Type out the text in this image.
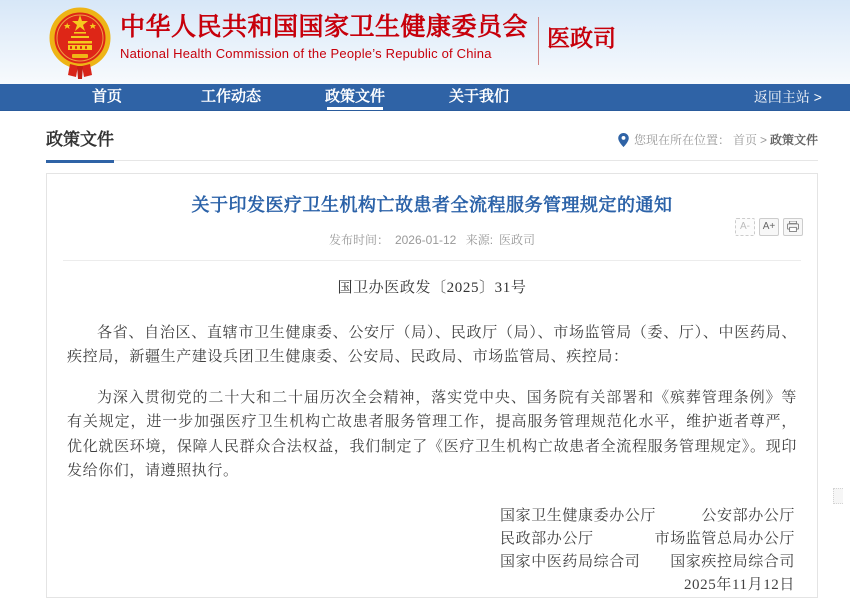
中华人民共和国国家卫生健康委员会
National Health Commission of the People’s Republic of China
医政司
首页	工作动态	政策文件	关于我们	返回主站 >
政策文件	您现在所在位置： 首页 > 政策文件
关于印发医疗卫生机构亡故患者全流程服务管理规定的通知
发布时间： 2026-01-12 来源: 医政司
A-	A+
国卫办医政发〔2025〕31号

各省、自治区、直辖市卫生健康委、公安厅（局）、民政厅（局）、市场监管局（委、厅）、中医药局、疾控局，新疆生产建设兵团卫生健康委、公安局、民政局、市场监管局、疾控局：

为深入贯彻党的二十大和二十届历次全会精神，落实党中央、国务院有关部署和《殡葬管理条例》等有关规定，进一步加强医疗卫生机构亡故患者服务管理工作，提高服务管理规范化水平，维护逝者尊严，优化就医环境，保障人民群众合法权益，我们制定了《医疗卫生机构亡故患者全流程服务管理规定》。现印发给你们，请遵照执行。

国家卫生健康委办公厅	公安部办公厅
民政部办公厅	市场监管总局办公厅
国家中医药局综合司 国家疾控局综合司
2025年11月12日
